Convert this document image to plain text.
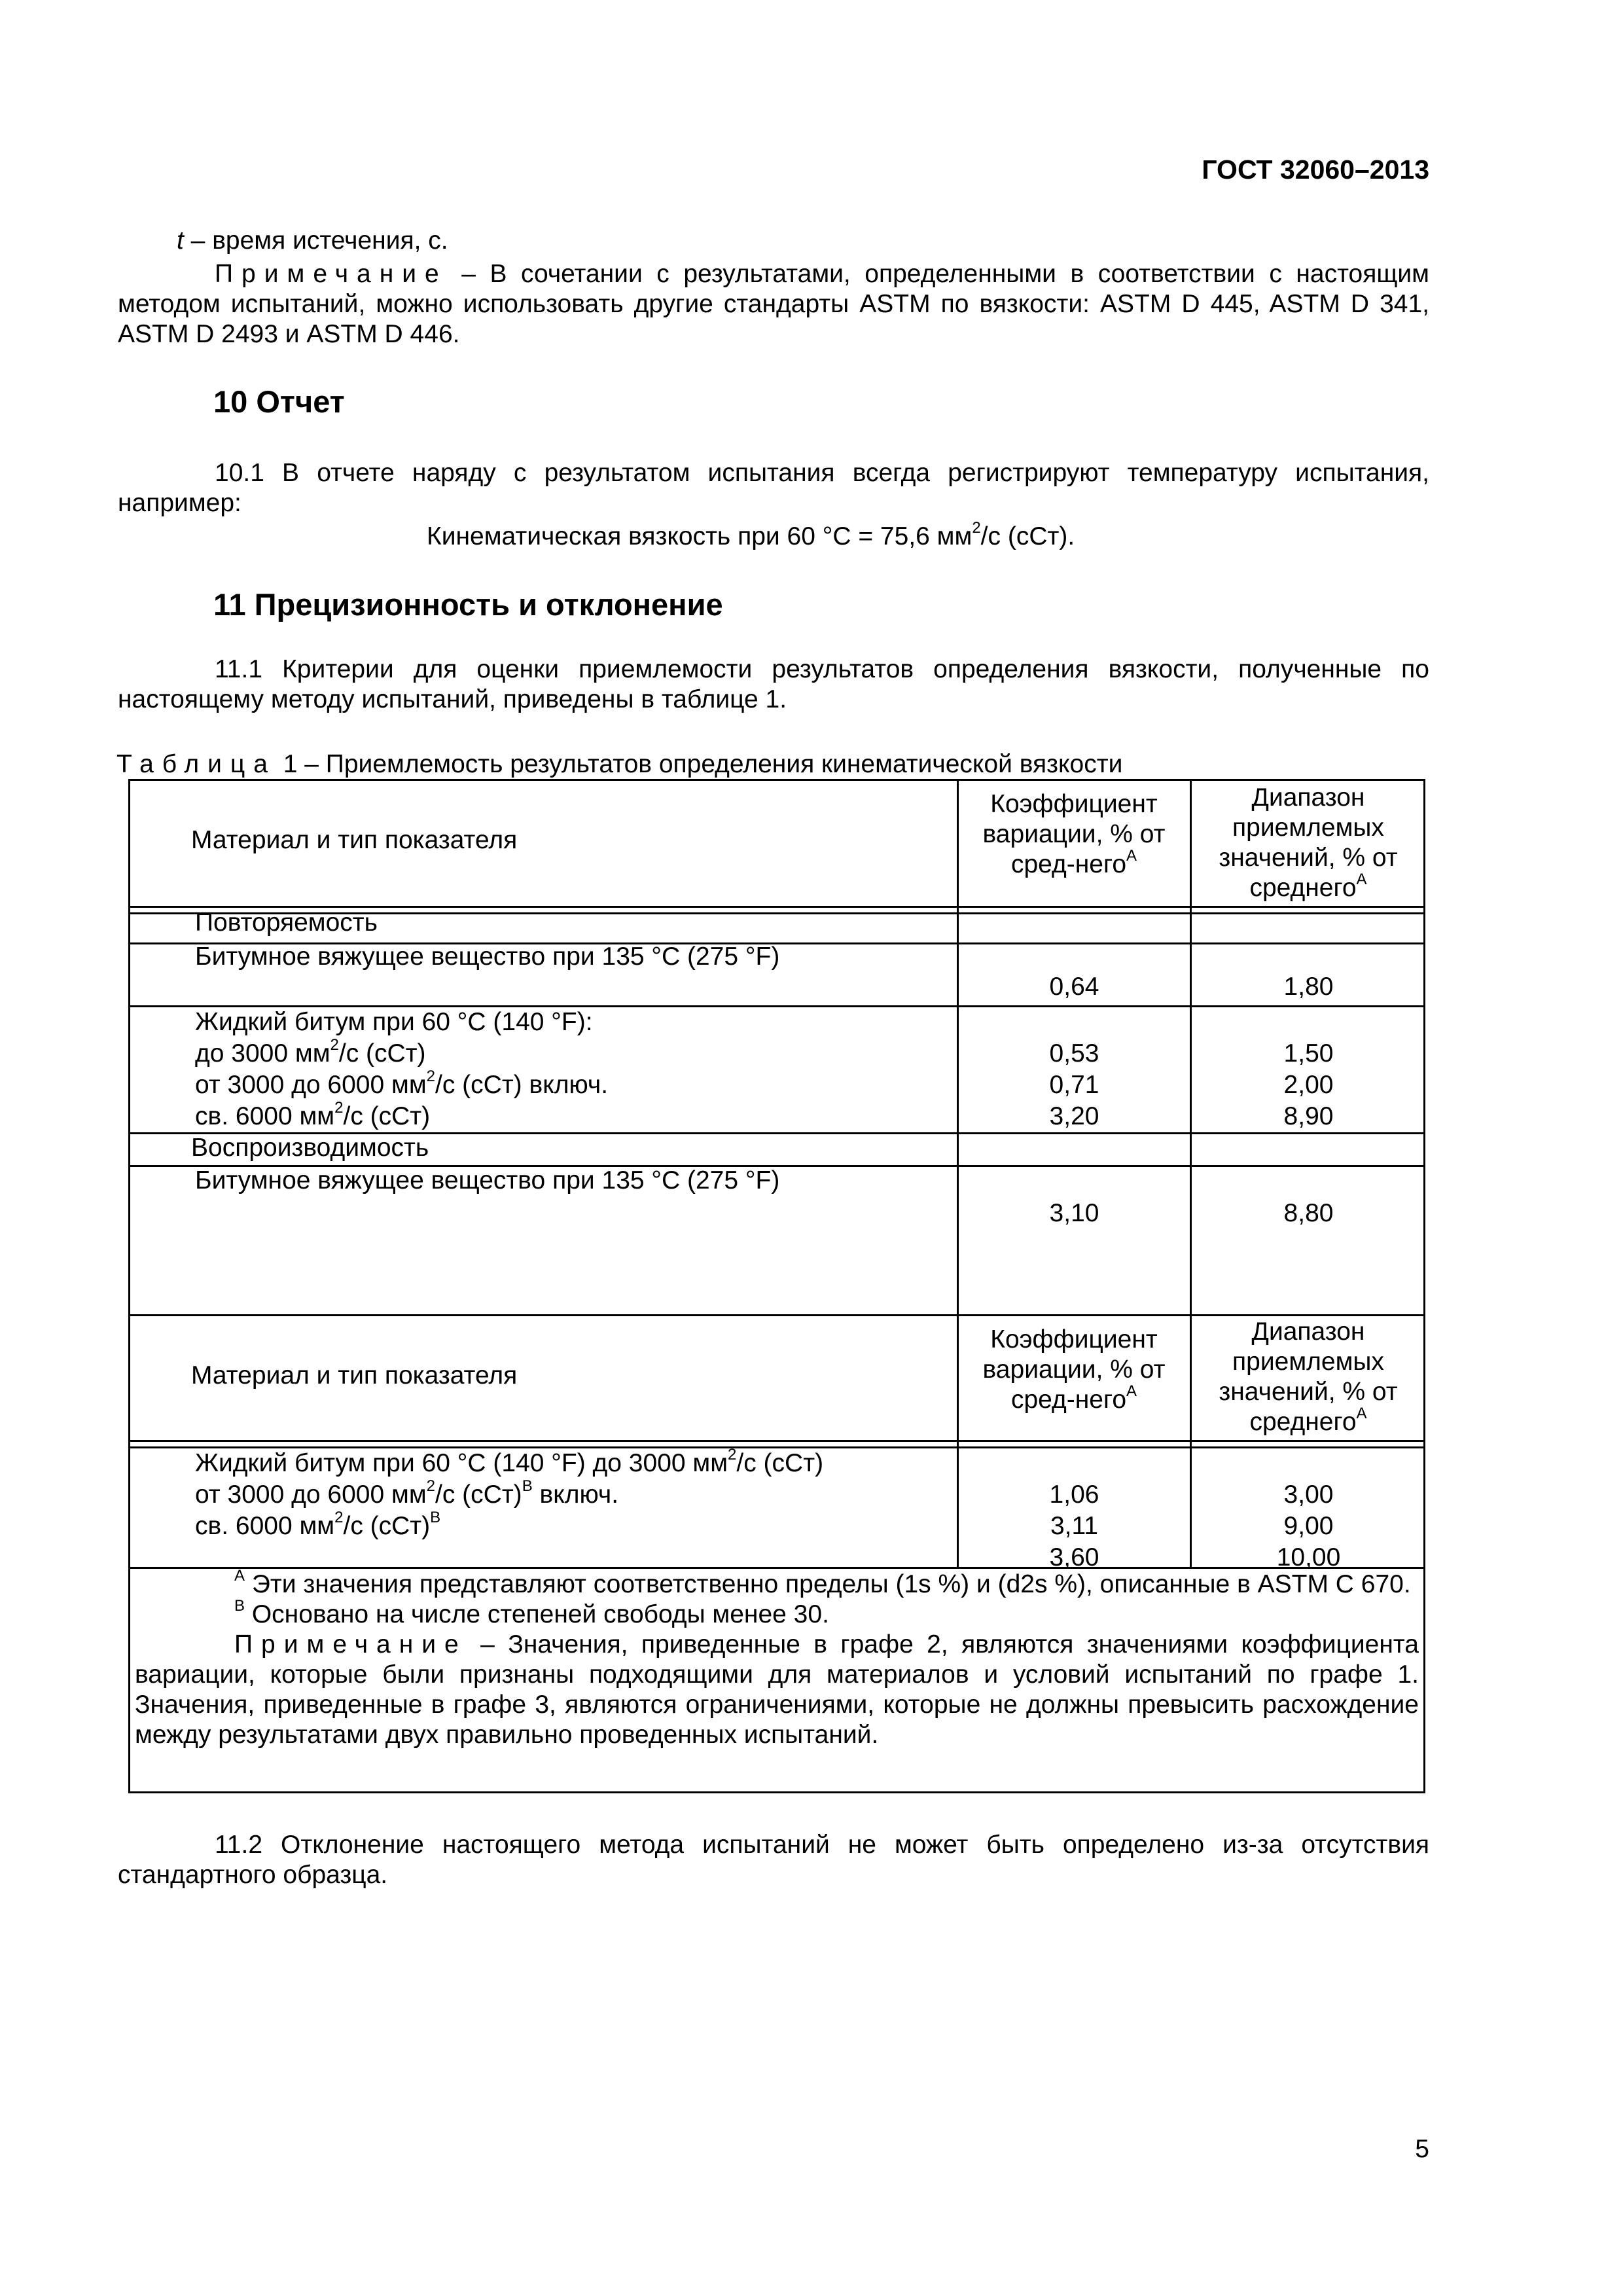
ГОСТ 32060–2013
t – время истечения, с.

Примечание – В сочетании с результатами, определенными в соответствии с настоящим методом испытаний, можно использовать другие стандарты ASTM по вязкости: ASTM D 445, ASTM D 341, ASTM D 2493 и ASTM D 446.

10 Отчет

10.1 В отчете наряду с результатом испытания всегда регистрируют температуру испытания, например:

Кинематическая вязкость при 60 °С = 75,6 $мм^2/с$ (сСт).
11 Прецизионность и отклонение

11.1 Критерии для оценки приемлемости результатов определения вязкости, полученные по настоящему методу испытаний, приведены в таблице 1.

Таблица 1 – Приемлемость результатов определения кинематической вязкости
Материал и тип показателя
Коэффициент вариации, % от сред-него$^A$
Диапазон приемлемых значений, % от среднего$^A$
Повторяемость
Битумное вяжущее вещество при 135 °С (275 °F)
0,64	1,80
Жидкий битум при 60 °С (140 °F):
до 3000 $мм^2/с$ (сСт)
от 3000 до 6000 $мм^2/с$ (сСт) включ.
св. 6000 $мм^2/с$ (сСт)
0,53
0,71
3,20
1,50
2,00
8,90
Воспроизводимость
Битумное вяжущее вещество при 135 °С (275 °F)
3,10	8,80
Материал и тип показателя
Коэффициент вариации, % от сред-него$^A$
Диапазон приемлемых значений, % от среднего$^A$
Жидкий битум при 60 °С (140 °F) до 3000 $мм^2/с$ (сСт)
от 3000 до 6000 $мм^2/с$ (сСт)$^B$ включ.
св. 6000 $мм^2/с$ (сСт)$^B$
1,06
3,11
3,60
3,00
9,00
10,00

$^A$ Эти значения представляют соответственно пределы (1s %) и (d2s %), описанные в ASTM С 670.

$^B$ Основано на числе степеней свободы менее 30.

Примечание – Значения, приведенные в графе 2, являются значениями коэффициента вариации, которые были признаны подходящими для материалов и условий испытаний по графе 1. Значения, приведенные в графе 3, являются ограничениями, которые не должны превысить расхождение между результатами двух правильно проведенных испытаний.

11.2 Отклонение настоящего метода испытаний не может быть определено из-за отсутствия стандартного образца.

5
